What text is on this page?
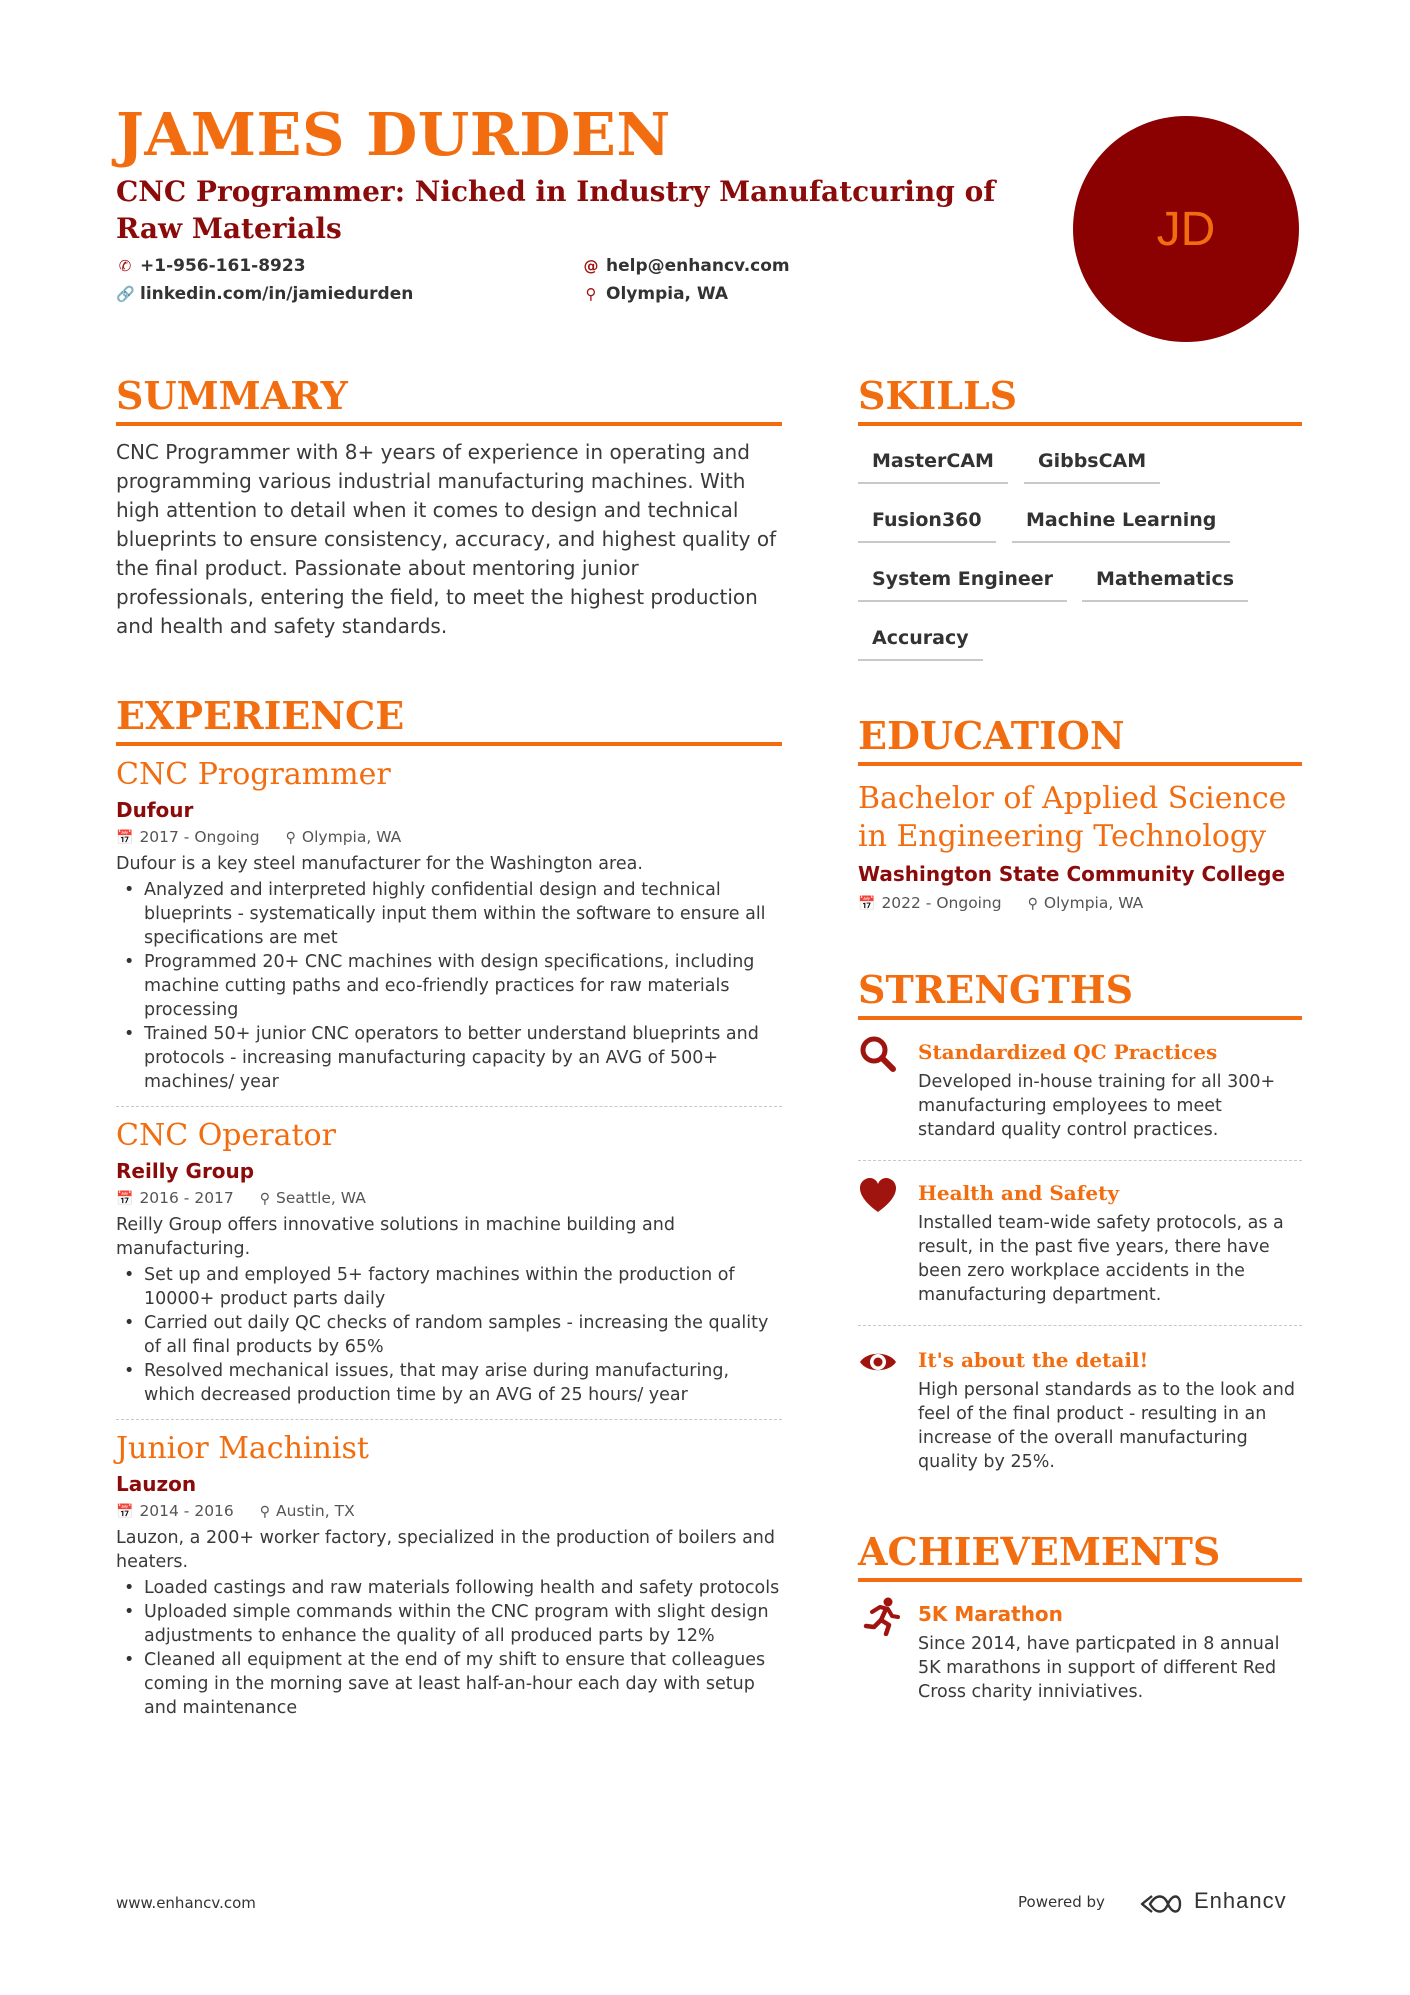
JAMES DURDEN
CNC Programmer: Niched in Industry Manufatcuring of Raw Materials
✆ +1-956-161-8923	@ help@enhancv.com
🔗 linkedin.com/in/jamiedurden	⚲ Olympia, WA
JD
SUMMARY

CNC Programmer with 8+ years of experience in operating and programming various industrial manufacturing machines. With high attention to detail when it comes to design and technical blueprints to ensure consistency, accuracy, and highest quality of the final product. Passionate about mentoring junior professionals, entering the field, to meet the highest production and health and safety standards.

EXPERIENCE
CNC Programmer
Dufour
📅 2017 - Ongoing ⚲ Olympia, WA
Dufour is a key steel manufacturer for the Washington area.
• Analyzed and interpreted highly confidential design and technical blueprints - systematically input them within the software to ensure all specifications are met
• Programmed 20+ CNC machines with design specifications, including machine cutting paths and eco-friendly practices for raw materials processing
• Trained 50+ junior CNC operators to better understand blueprints and protocols - increasing manufacturing capacity by an AVG of 500+ machines/ year
CNC Operator
Reilly Group
📅 2016 - 2017 ⚲ Seattle, WA
Reilly Group offers innovative solutions in machine building and manufacturing.
• Set up and employed 5+ factory machines within the production of 10000+ product parts daily
• Carried out daily QC checks of random samples - increasing the quality of all final products by 65%
• Resolved mechanical issues, that may arise during manufacturing, which decreased production time by an AVG of 25 hours/ year
Junior Machinist
Lauzon
📅 2014 - 2016 ⚲ Austin, TX
Lauzon, a 200+ worker factory, specialized in the production of boilers and heaters.
• Loaded castings and raw materials following health and safety protocols
• Uploaded simple commands within the CNC program with slight design adjustments to enhance the quality of all produced parts by 12%
• Cleaned all equipment at the end of my shift to ensure that colleagues coming in the morning save at least half-an-hour each day with setup and maintenance
SKILLS
MasterCAM	GibbsCAM
Fusion360	Machine Learning
System Engineer	Mathematics
Accuracy
EDUCATION
Bachelor of Applied Science in Engineering Technology
Washington State Community College
📅 2022 - Ongoing ⚲ Olympia, WA
STRENGTHS
Standardized QC Practices
Developed in-house training for all 300+ manufacturing employees to meet standard quality control practices.
Health and Safety
Installed team-wide safety protocols, as a result, in the past five years, there have been zero workplace accidents in the manufacturing department.
It's about the detail!
High personal standards as to the look and feel of the final product - resulting in an increase of the overall manufacturing quality by 25%.
ACHIEVEMENTS
5K Marathon
Since 2014, have particpated in 8 annual 5K marathons in support of different Red Cross charity inniviatives.
www.enhancv.com	Powered by	Enhancv
